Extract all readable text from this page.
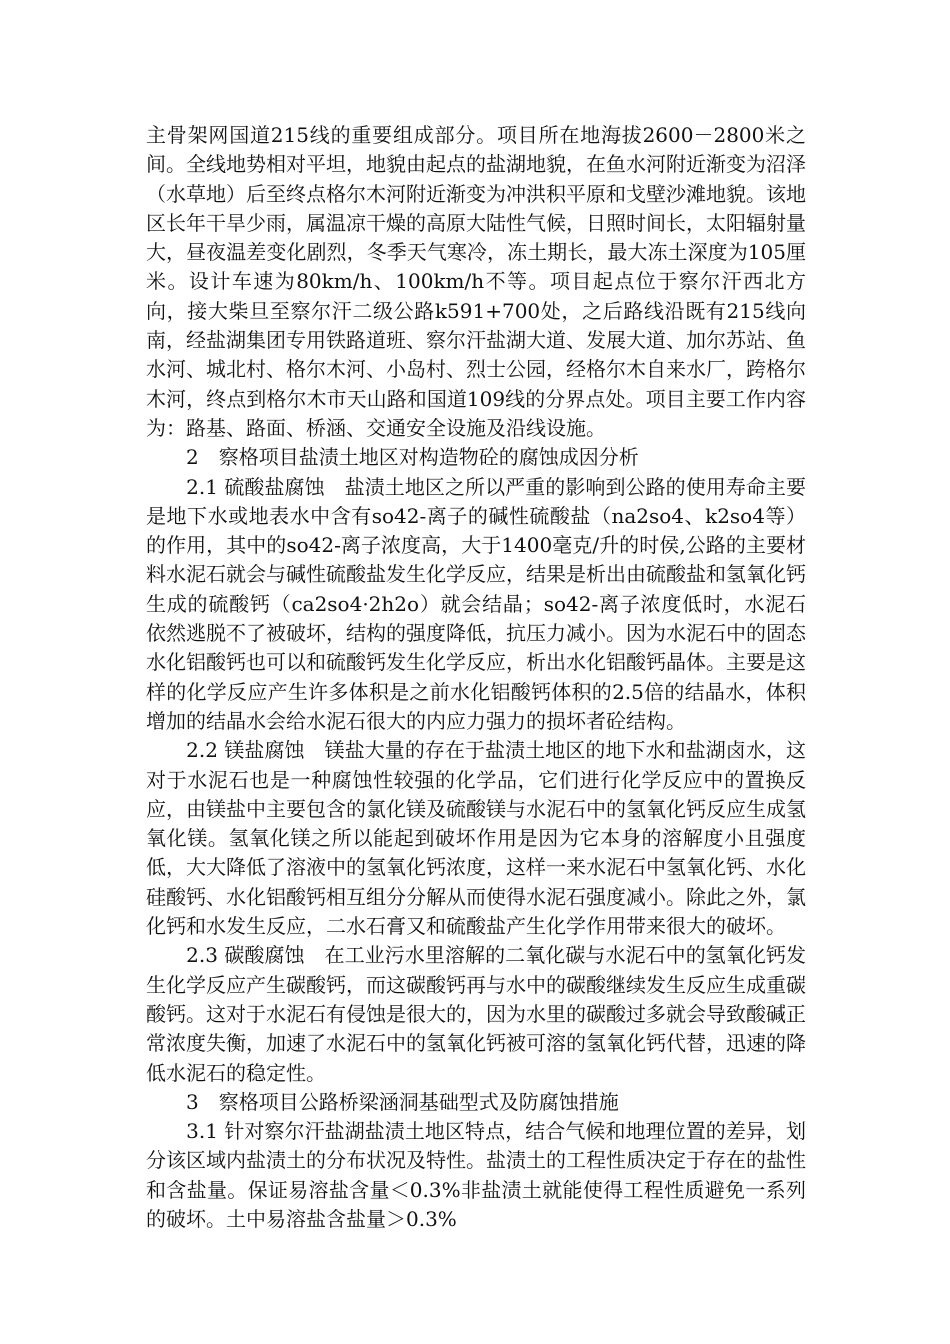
主骨架网国道215线的重要组成部分。项目所在地海拔2600－2800米之间。全线地势相对平坦，地貌由起点的盐湖地貌，在鱼水河附近渐变为沼泽（水草地）后至终点格尔木河附近渐变为冲洪积平原和戈壁沙滩地貌。该地区长年干旱少雨，属温凉干燥的高原大陆性气候，日照时间长，太阳辐射量大，昼夜温差变化剧烈，冬季天气寒冷，冻土期长，最大冻土深度为105厘米。设计车速为80km/h、100km/h不等。项目起点位于察尔汗西北方向，接大柴旦至察尔汗二级公路k591+700处，之后路线沿既有215线向南，经盐湖集团专用铁路道班、察尔汗盐湖大道、发展大道、加尔苏站、鱼水河、城北村、格尔木河、小岛村、烈士公园，经格尔木自来水厂，跨格尔木河，终点到格尔木市天山路和国道109线的分界点处。项目主要工作内容为：路基、路面、桥涵、交通安全设施及沿线设施。

　　2　察格项目盐渍土地区对构造物砼的腐蚀成因分析

　　2.1 硫酸盐腐蚀　盐渍土地区之所以严重的影响到公路的使用寿命主要是地下水或地表水中含有so42-离子的碱性硫酸盐（na2so4、k2so4等）的作用，其中的so42-离子浓度高，大于1400毫克/升的时侯,公路的主要材料水泥石就会与碱性硫酸盐发生化学反应，结果是析出由硫酸盐和氢氧化钙生成的硫酸钙（ca2so4·2h2o）就会结晶；so42-离子浓度低时，水泥石依然逃脱不了被破坏，结构的强度降低，抗压力减小。因为水泥石中的固态水化铝酸钙也可以和硫酸钙发生化学反应，析出水化铝酸钙晶体。主要是这样的化学反应产生许多体积是之前水化铝酸钙体积的2.5倍的结晶水，体积增加的结晶水会给水泥石很大的内应力强力的损坏者砼结构。

　　2.2 镁盐腐蚀　镁盐大量的存在于盐渍土地区的地下水和盐湖卤水，这对于水泥石也是一种腐蚀性较强的化学品，它们进行化学反应中的置换反应，由镁盐中主要包含的氯化镁及硫酸镁与水泥石中的氢氧化钙反应生成氢氧化镁。氢氧化镁之所以能起到破坏作用是因为它本身的溶解度小且强度低，大大降低了溶液中的氢氧化钙浓度，这样一来水泥石中氢氧化钙、水化硅酸钙、水化铝酸钙相互组分分解从而使得水泥石强度减小。除此之外，氯化钙和水发生反应，二水石膏又和硫酸盐产生化学作用带来很大的破坏。

　　2.3 碳酸腐蚀　在工业污水里溶解的二氧化碳与水泥石中的氢氧化钙发生化学反应产生碳酸钙，而这碳酸钙再与水中的碳酸继续发生反应生成重碳酸钙。这对于水泥石有侵蚀是很大的，因为水里的碳酸过多就会导致酸碱正常浓度失衡，加速了水泥石中的氢氧化钙被可溶的氢氧化钙代替，迅速的降低水泥石的稳定性。

　　3　察格项目公路桥梁涵洞基础型式及防腐蚀措施

　　3.1 针对察尔汗盐湖盐渍土地区特点，结合气候和地理位置的差异，划分该区域内盐渍土的分布状况及特性。盐渍土的工程性质决定于存在的盐性和含盐量。保证易溶盐含量＜0.3%非盐渍土就能使得工程性质避免一系列的破坏。土中易溶盐含盐量＞0.3%
